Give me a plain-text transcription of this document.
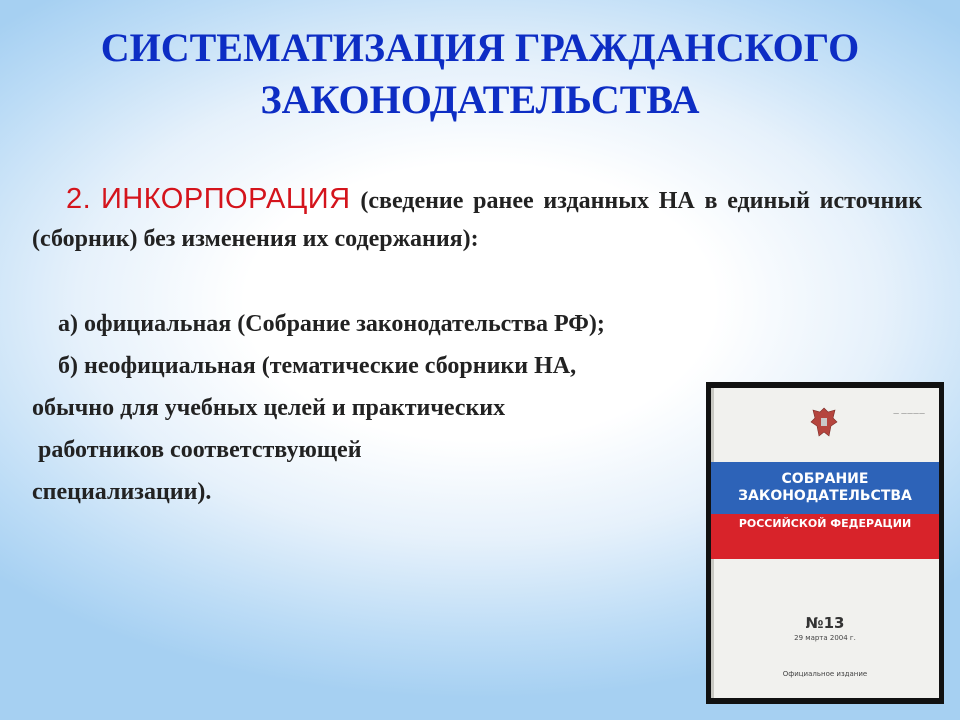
СИСТЕМАТИЗАЦИЯ ГРАЖДАНСКОГО
ЗАКОНОДАТЕЛЬСТВА
2. ИНКОРПОРАЦИЯ (сведение ранее изданных НА в единый источник (сборник) без изменения их содержания):
а) официальная (Собрание законодательства РФ);
б) неофициальная (тематические сборники НА,
обычно для учебных целей и практических
работников соответствующей
специализации).
— ————
СОБРАНИЕ
ЗАКОНОДАТЕЛЬСТВА
РОССИЙСКОЙ ФЕДЕРАЦИИ
№13
29 марта 2004 г.
Официальное издание
